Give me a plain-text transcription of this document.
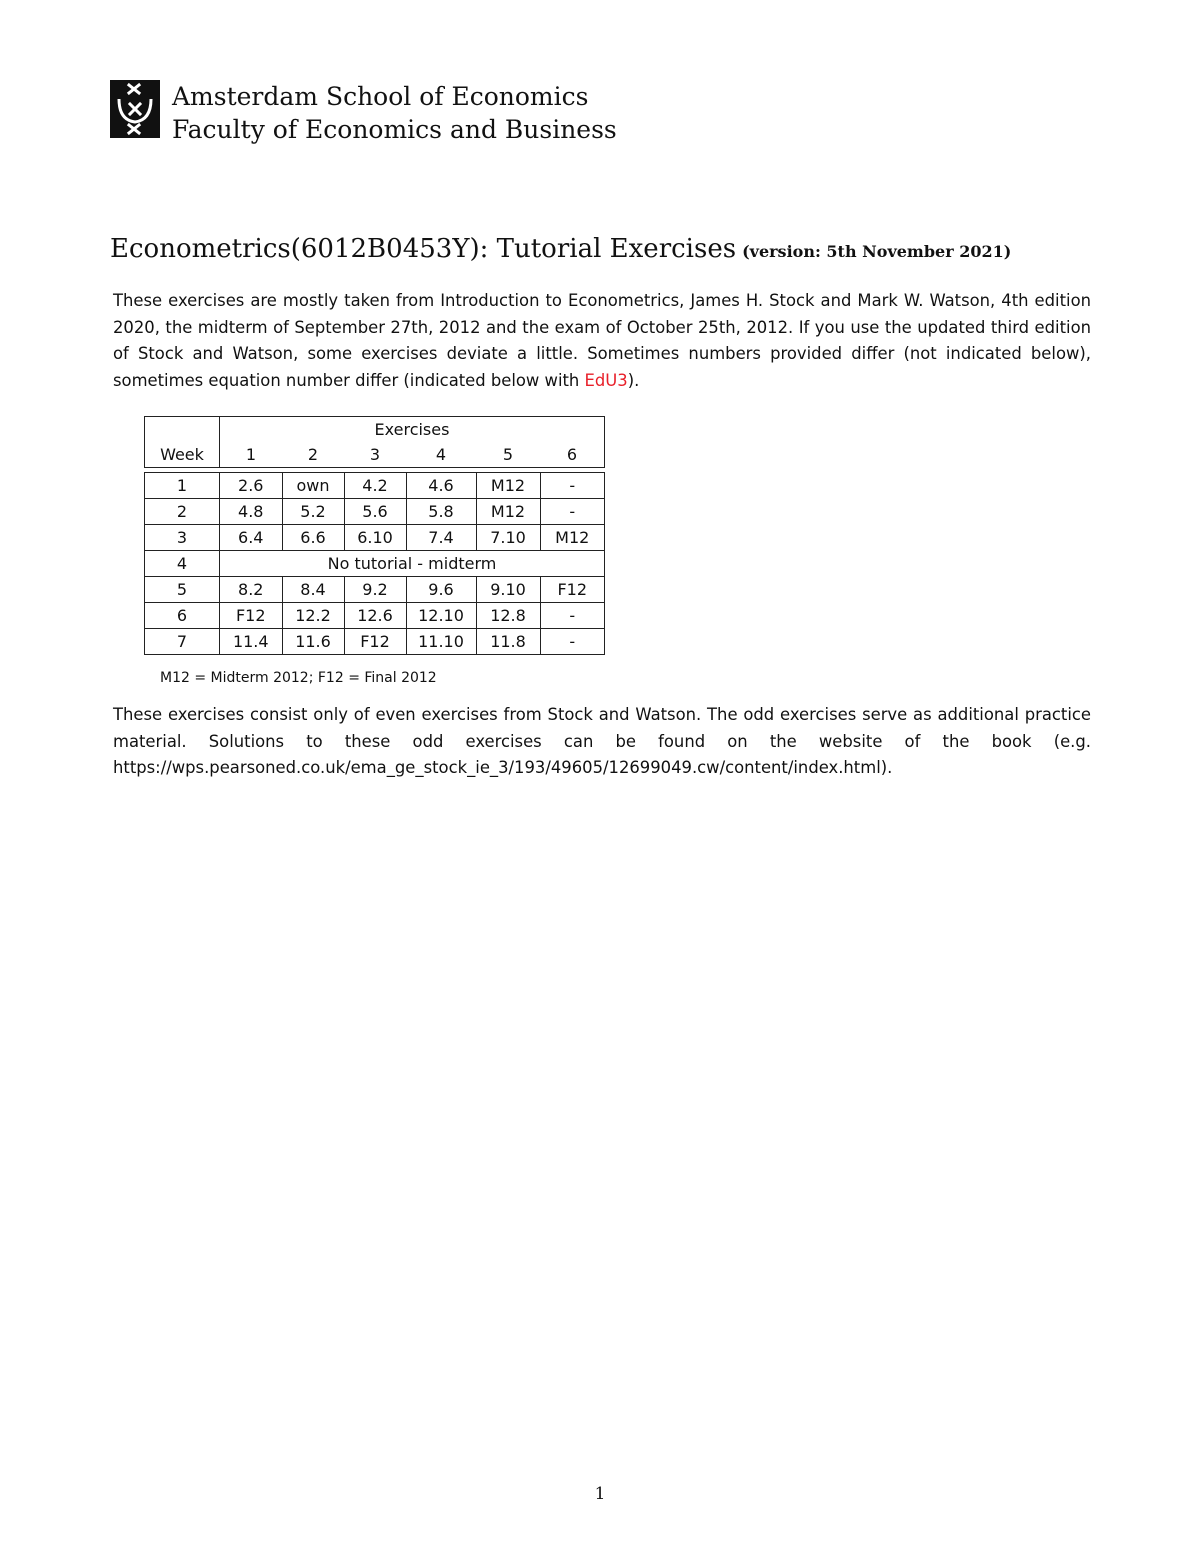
Amsterdam School of Economics
Faculty of Economics and Business
Econometrics(6012B0453Y): Tutorial Exercises (version: 5th November 2021)
These exercises are mostly taken from Introduction to Econometrics, James H. Stock and Mark W. Watson, 4th edition 2020, the midterm of September 27th, 2012 and the exam of October 25th, 2012. If you use the updated third edition of Stock and Watson, some exercises deviate a little. Sometimes numbers provided differ (not indicated below), sometimes equation number differ (indicated below with EdU3).
	Exercises					
Week	1	2	3	4	5	6

1	2.6	own	4.2	4.6	M12	-
2	4.8	5.2	5.6	5.8	M12	-
3	6.4	6.6	6.10	7.4	7.10	M12
4	No tutorial - midterm					
5	8.2	8.4	9.2	9.6	9.10	F12
6	F12	12.2	12.6	12.10	12.8	-
7	11.4	11.6	F12	11.10	11.8	-
M12 = Midterm 2012; F12 = Final 2012
These exercises consist only of even exercises from Stock and Watson. The odd exercises serve as additional practice material. Solutions to these odd exercises can be found on the website of the book (e.g. https://wps.pearsoned.co.uk/ema_ge_stock_ie_3/193/49605/12699049.cw/content/index.html).
1
